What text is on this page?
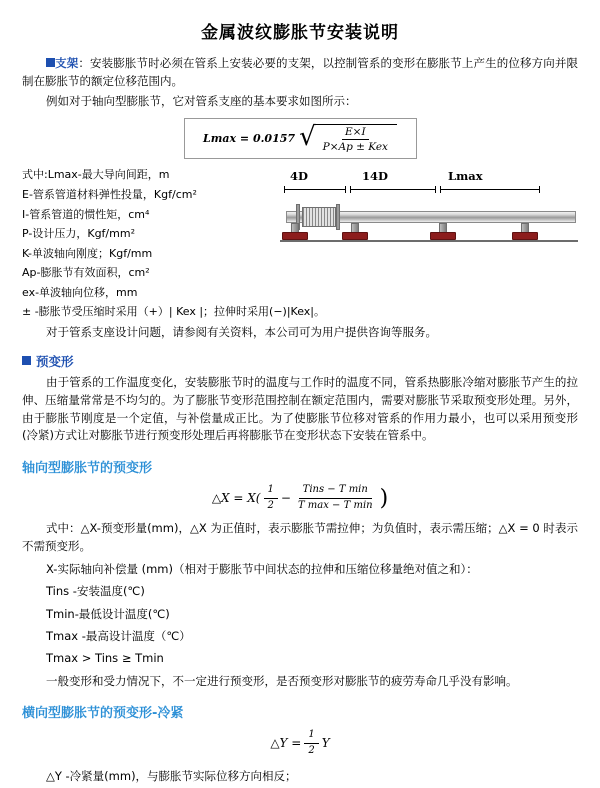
金属波纹膨胀节安装说明
支架：安装膨胀节时必须在管系上安装必要的支架，以控制管系的变形在膨胀节上产生的位移方向并限制在膨胀节的额定位移范围内。
例如对于轴向型膨胀节，它对管系支座的基本要求如图所示：
Lmax = 0.0157 √
$\frac{E\times I}{\text{P×Ap ± Kex}}$
式中:Lmax-最大导向间距，m
E-管系管道材料弹性投量，Kgf/cm²
I-管系管道的惯性矩，cm⁴
P-设计压力，Kgf/mm²
K-单波轴向刚度；Kgf/mm
Ap-膨胀节有效面积，cm²
ex-单波轴向位移，mm
± -膨胀节受压缩时采用（+）| Kex |；拉伸时采用(−)|Kex|。
4D	14D	Lmax
对于管系支座设计问题，请参阅有关资料，本公司可为用户提供咨询等服务。
预变形
由于管系的工作温度变化，安装膨胀节时的温度与工作时的温度不同，管系热膨胀冷缩对膨胀节产生的拉伸、压缩量常常是不均匀的。为了膨胀节变形范围控制在额定范围内，需要对膨胀节采取预变形处理。另外，由于膨胀节刚度是一个定值，与补偿量成正比。为了使膨胀节位移对管系的作用力最小，也可以采用预变形(冷紧)方式让对膨胀节进行预变形处理后再将膨胀节在变形状态下安装在管系中。
轴向型膨胀节的预变形
△X = $X( \frac{1}{2} - \frac{\text{Tins − T min}}{\text{T max − T min}}$ )
式中：△X-预变形量(mm)，△X 为正值时，表示膨胀节需拉伸；为负值时，表示需压缩；△X = 0 时表示不需预变形。
X-实际轴向补偿量 (mm)（相对于膨胀节中间状态的拉伸和压缩位移量绝对值之和）：
Tins -安装温度(℃)
Tmin-最低设计温度(℃)
Tmax -最高设计温度（℃）
Tmax > Tins ≥ Tmin
一般变形和受力情况下，不一定进行预变形，是否预变形对膨胀节的疲劳寿命几乎没有影响。
横向型膨胀节的预变形-冷紧
△Y = $\frac{1}{2}$ Y
△Y -冷紧量(mm)，与膨胀节实际位移方向相反；
